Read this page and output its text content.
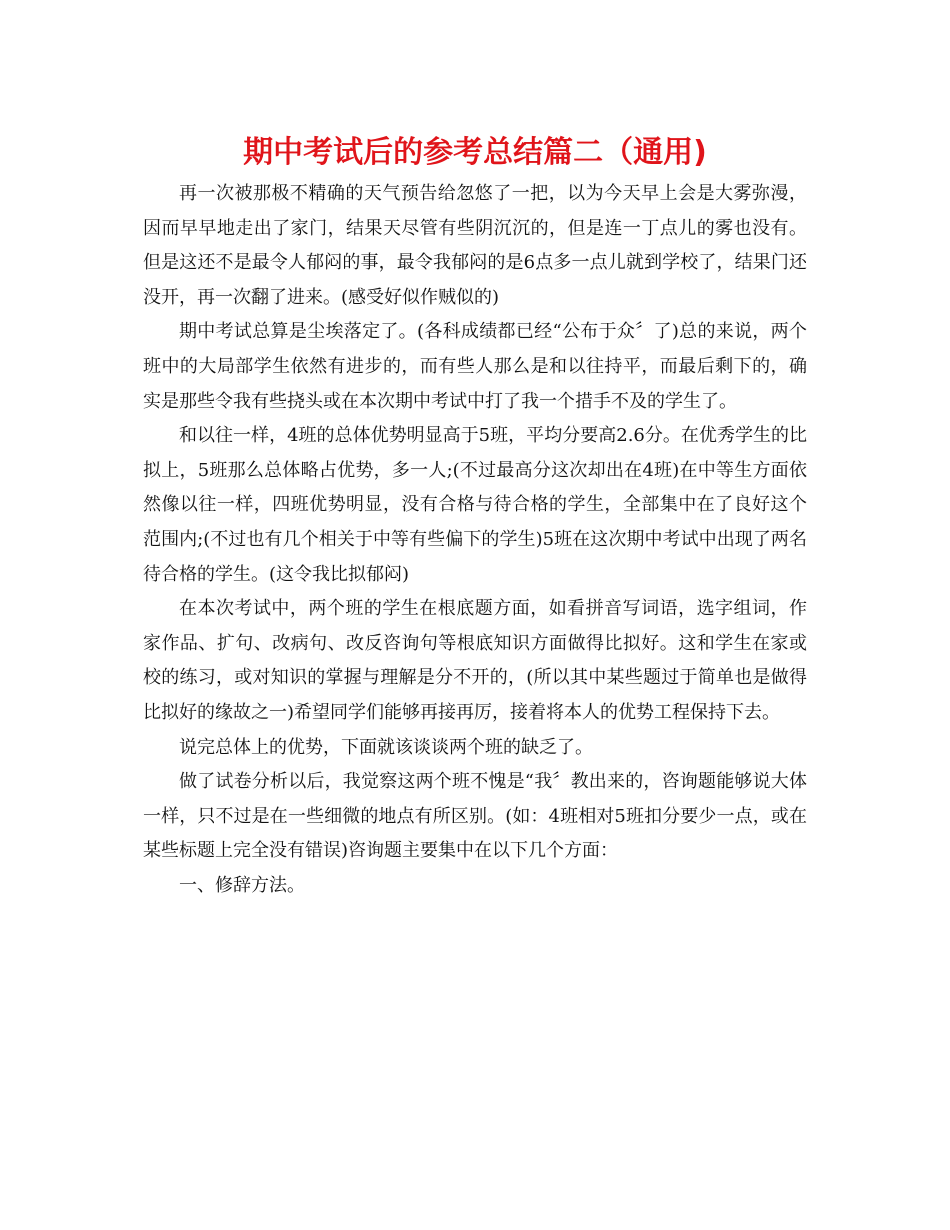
期中考试后的参考总结篇二（通用)

再一次被那极不精确的天气预告给忽悠了一把，以为今天早上会是大雾弥漫，因而早早地走出了家门，结果天尽管有些阴沉沉的，但是连一丁点儿的雾也没有。但是这还不是最令人郁闷的事，最令我郁闷的是6点多一点儿就到学校了，结果门还没开，再一次翻了进来。(感受好似作贼似的)

期中考试总算是尘埃落定了。(各科成绩都已经“公布于众〞了)总的来说，两个班中的大局部学生依然有进步的，而有些人那么是和以往持平，而最后剩下的，确实是那些令我有些挠头或在本次期中考试中打了我一个措手不及的学生了。

和以往一样，4班的总体优势明显高于5班，平均分要高2.6分。在优秀学生的比拟上，5班那么总体略占优势，多一人;(不过最高分这次却出在4班)在中等生方面依然像以往一样，四班优势明显，没有合格与待合格的学生，全部集中在了良好这个范围内;(不过也有几个相关于中等有些偏下的学生)5班在这次期中考试中出现了两名待合格的学生。(这令我比拟郁闷)

在本次考试中，两个班的学生在根底题方面，如看拼音写词语，选字组词，作家作品、扩句、改病句、改反咨询句等根底知识方面做得比拟好。这和学生在家或校的练习，或对知识的掌握与理解是分不开的，(所以其中某些题过于简单也是做得比拟好的缘故之一)希望同学们能够再接再厉，接着将本人的优势工程保持下去。

说完总体上的优势，下面就该谈谈两个班的缺乏了。

做了试卷分析以后，我觉察这两个班不愧是“我〞教出来的，咨询题能够说大体一样，只不过是在一些细微的地点有所区别。(如：4班相对5班扣分要少一点，或在某些标题上完全没有错误)咨询题主要集中在以下几个方面：

一、修辞方法。
